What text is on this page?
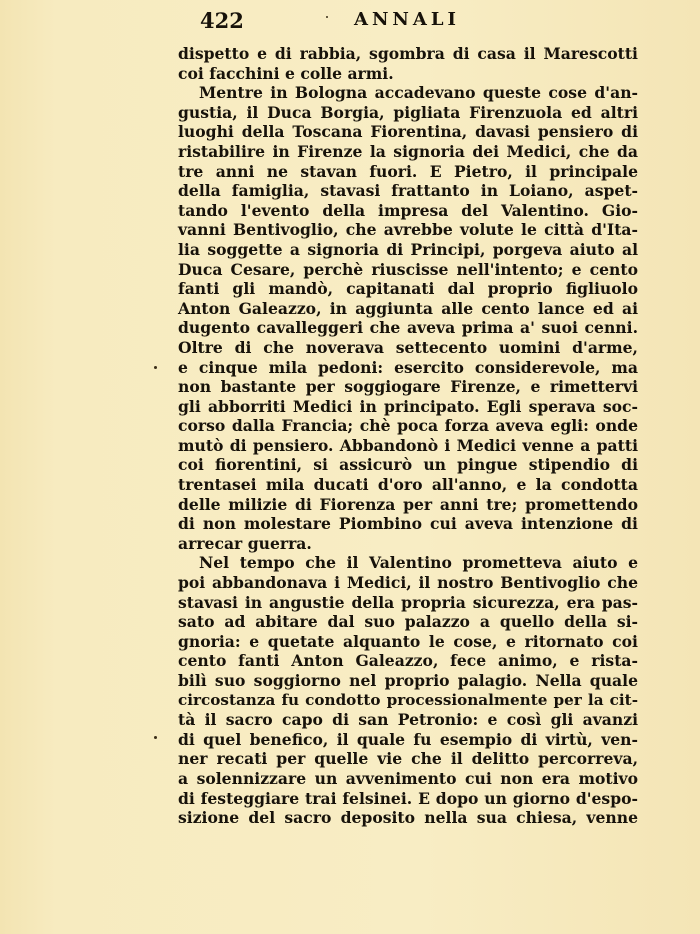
422	ANNALI
dispetto e di rabbia, sgombra di casa il Marescotti
coi facchini e colle armi.
Mentre in Bologna accadevano queste cose d'an-
gustia, il Duca Borgia, pigliata Firenzuola ed altri
luoghi della Toscana Fiorentina, davasi pensiero di
ristabilire in Firenze la signoria dei Medici, che da
tre anni ne stavan fuori. E Pietro, il principale
della famiglia, stavasi frattanto in Loiano, aspet-
tando l'evento della impresa del Valentino. Gio-
vanni Bentivoglio, che avrebbe volute le città d'Ita-
lia soggette a signoria di Principi, porgeva aiuto al
Duca Cesare, perchè riuscisse nell'intento; e cento
fanti gli mandò, capitanati dal proprio figliuolo
Anton Galeazzo, in aggiunta alle cento lance ed ai
dugento cavalleggeri che aveva prima a' suoi cenni.
Oltre di che noverava settecento uomini d'arme,
e cinque mila pedoni: esercito considerevole, ma
non bastante per soggiogare Firenze, e rimettervi
gli abborriti Medici in principato. Egli sperava soc-
corso dalla Francia; chè poca forza aveva egli: onde
mutò di pensiero. Abbandonò i Medici venne a patti
coi fiorentini, si assicurò un pingue stipendio di
trentasei mila ducati d'oro all'anno, e la condotta
delle milizie di Fiorenza per anni tre; promettendo
di non molestare Piombino cui aveva intenzione di
arrecar guerra.
Nel tempo che il Valentino prometteva aiuto e
poi abbandonava i Medici, il nostro Bentivoglio che
stavasi in angustie della propria sicurezza, era pas-
sato ad abitare dal suo palazzo a quello della si-
gnoria: e quetate alquanto le cose, e ritornato coi
cento fanti Anton Galeazzo, fece animo, e rista-
bilì suo soggiorno nel proprio palagio. Nella quale
circostanza fu condotto processionalmente per la cit-
tà il sacro capo di san Petronio: e così gli avanzi
di quel benefico, il quale fu esempio di virtù, ven-
ner recati per quelle vie che il delitto percorreva,
a solennizzare un avvenimento cui non era motivo
di festeggiare trai felsinei. E dopo un giorno d'espo-
sizione del sacro deposito nella sua chiesa, venne
